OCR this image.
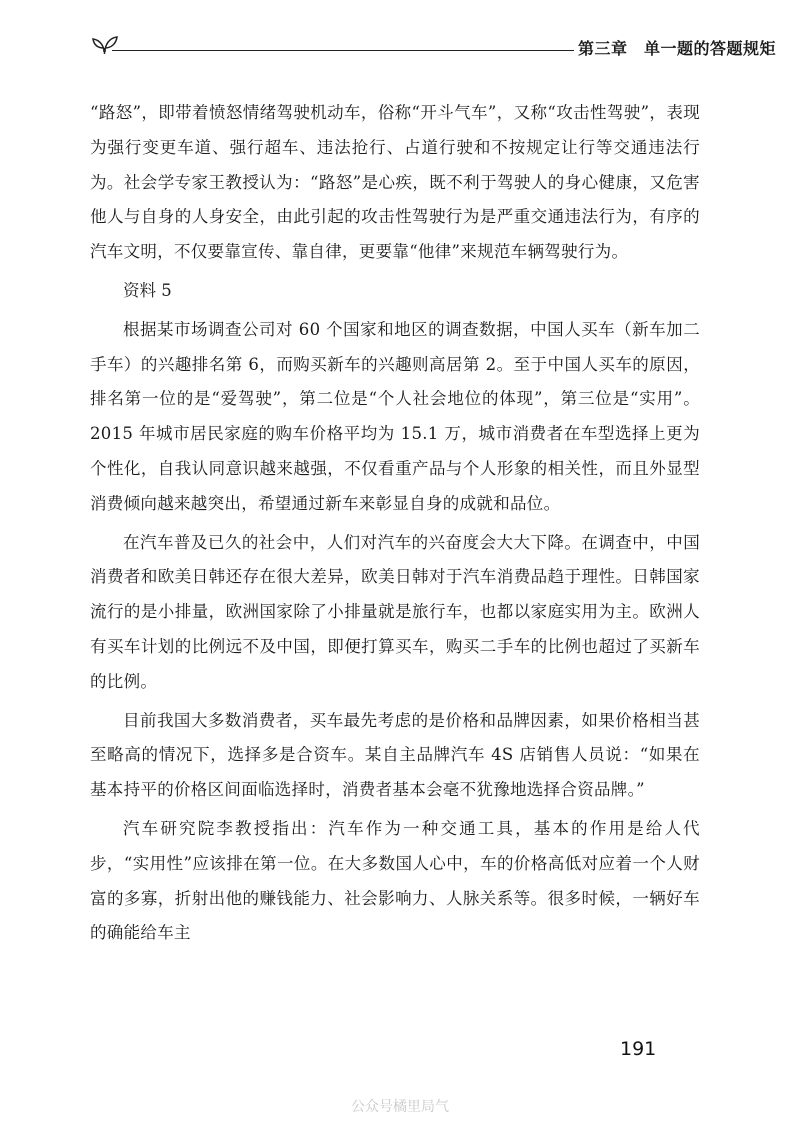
第三章　单一题的答题规矩

“路怒”，即带着愤怒情绪驾驶机动车，俗称“开斗气车”，又称“攻击性驾驶”，表现为强行变更车道、强行超车、违法抢行、占道行驶和不按规定让行等交通违法行为。社会学专家王教授认为：“路怒”是心疾，既不利于驾驶人的身心健康，又危害他人与自身的人身安全，由此引起的攻击性驾驶行为是严重交通违法行为，有序的汽车文明，不仅要靠宣传、靠自律，更要靠“他律”来规范车辆驾驶行为。

资料 5

根据某市场调查公司对 60 个国家和地区的调查数据，中国人买车（新车加二手车）的兴趣排名第 6，而购买新车的兴趣则高居第 2。至于中国人买车的原因，排名第一位的是“爱驾驶”，第二位是“个人社会地位的体现”，第三位是“实用”。2015 年城市居民家庭的购车价格平均为 15.1 万，城市消费者在车型选择上更为个性化，自我认同意识越来越强，不仅看重产品与个人形象的相关性，而且外显型消费倾向越来越突出，希望通过新车来彰显自身的成就和品位。

在汽车普及已久的社会中，人们对汽车的兴奋度会大大下降。在调查中，中国消费者和欧美日韩还存在很大差异，欧美日韩对于汽车消费品趋于理性。日韩国家流行的是小排量，欧洲国家除了小排量就是旅行车，也都以家庭实用为主。欧洲人有买车计划的比例远不及中国，即便打算买车，购买二手车的比例也超过了买新车的比例。

目前我国大多数消费者，买车最先考虑的是价格和品牌因素，如果价格相当甚至略高的情况下，选择多是合资车。某自主品牌汽车 4S 店销售人员说：“如果在基本持平的价格区间面临选择时，消费者基本会毫不犹豫地选择合资品牌。”

汽车研究院李教授指出：汽车作为一种交通工具，基本的作用是给人代步，“实用性”应该排在第一位。在大多数国人心中，车的价格高低对应着一个人财富的多寡，折射出他的赚钱能力、社会影响力、人脉关系等。很多时候，一辆好车的确能给车主

191
公众号橘里局气
